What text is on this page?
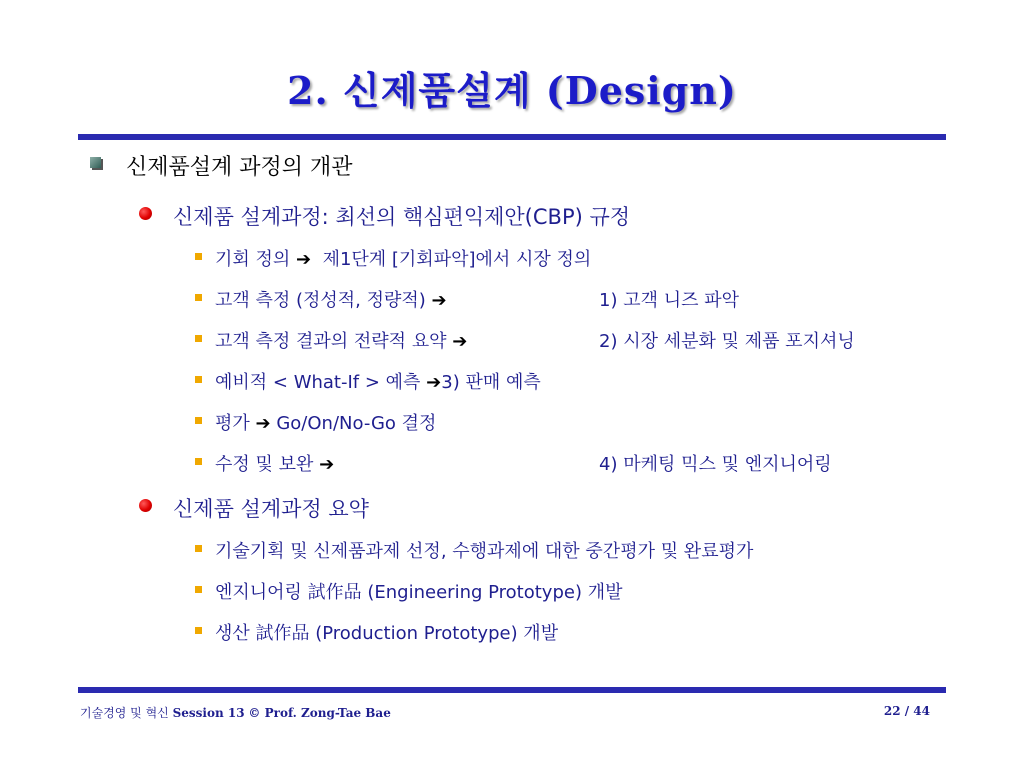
2. 신제품설계 (Design)
신제품설계 과정의 개관
신제품 설계과정: 최선의 핵심편익제안(CBP) 규정
기회 정의 ➔ 제1단계 [기회파악]에서 시장 정의
고객 측정 (정성적, 정량적) ➔	1) 고객 니즈 파악
고객 측정 결과의 전략적 요약 ➔	2) 시장 세분화 및 제품 포지셔닝
예비적 < What-If > 예측 ➔3) 판매 예측
평가 ➔ Go/On/No-Go 결정
수정 및 보완 ➔	4) 마케팅 믹스 및 엔지니어링
신제품 설계과정 요약
기술기획 및 신제품과제 선정, 수행과제에 대한 중간평가 및 완료평가
엔지니어링 試作品 (Engineering Prototype) 개발
생산 試作品 (Production Prototype) 개발
기술경영 및 혁신 Session 13 © Prof. Zong-Tae Bae	22 / 44
